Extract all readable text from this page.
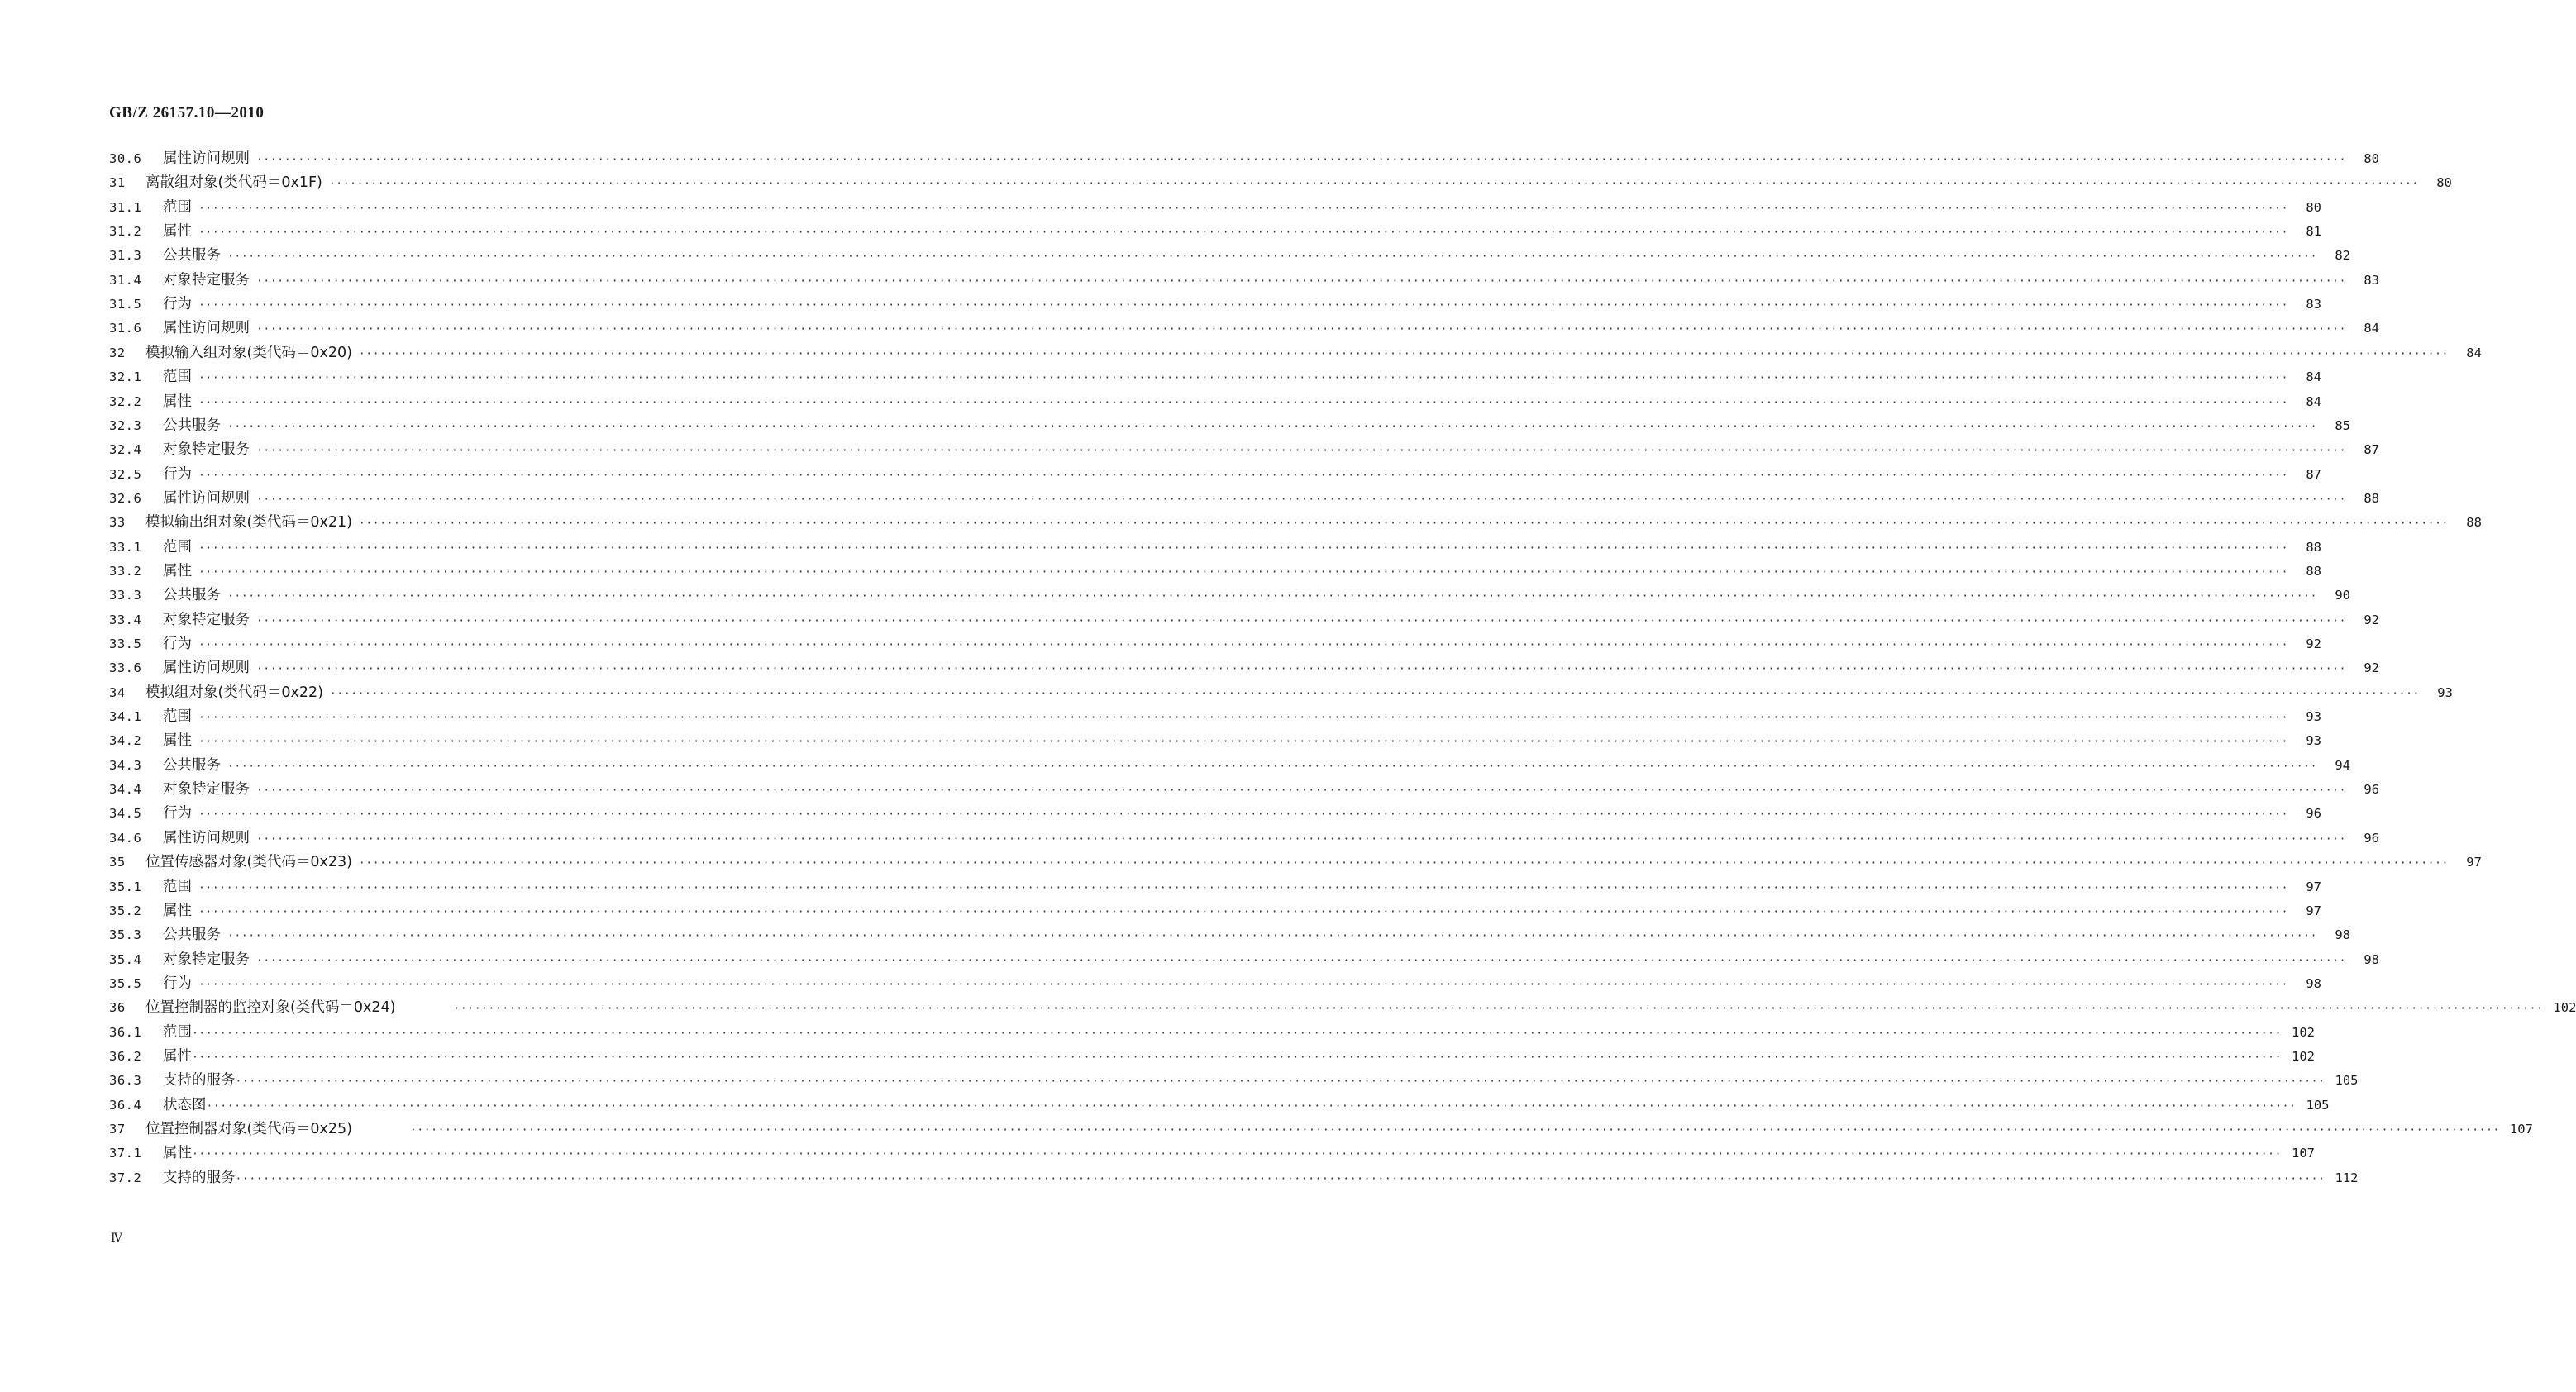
GB/Z 26157.10—2010
30.6	属性访问规则 ············································································································································································································································································································	80
31	离散组对象(类代码＝0x1F) ············································································································································································································································································································	80
31.1	范围 ············································································································································································································································································································	80
31.2	属性 ············································································································································································································································································································	81
31.3	公共服务 ············································································································································································································································································································	82
31.4	对象特定服务 ············································································································································································································································································································	83
31.5	行为 ············································································································································································································································································································	83
31.6	属性访问规则 ············································································································································································································································································································	84
32	模拟输入组对象(类代码＝0x20) ············································································································································································································································································································	84
32.1	范围 ············································································································································································································································································································	84
32.2	属性 ············································································································································································································································································································	84
32.3	公共服务 ············································································································································································································································································································	85
32.4	对象特定服务 ············································································································································································································································································································	87
32.5	行为 ············································································································································································································································································································	87
32.6	属性访问规则 ············································································································································································································································································································	88
33	模拟输出组对象(类代码＝0x21) ············································································································································································································································································································	88
33.1	范围 ············································································································································································································································································································	88
33.2	属性 ············································································································································································································································································································	88
33.3	公共服务 ············································································································································································································································································································	90
33.4	对象特定服务 ············································································································································································································································································································	92
33.5	行为 ············································································································································································································································································································	92
33.6	属性访问规则 ············································································································································································································································································································	92
34	模拟组对象(类代码＝0x22) ············································································································································································································································································································	93
34.1	范围 ············································································································································································································································································································	93
34.2	属性 ············································································································································································································································································································	93
34.3	公共服务 ············································································································································································································································································································	94
34.4	对象特定服务 ············································································································································································································································································································	96
34.5	行为 ············································································································································································································································································································	96
34.6	属性访问规则 ············································································································································································································································································································	96
35	位置传感器对象(类代码＝0x23) ············································································································································································································································································································	97
35.1	范围 ············································································································································································································································································································	97
35.2	属性 ············································································································································································································································································································	97
35.3	公共服务 ············································································································································································································································································································	98
35.4	对象特定服务 ············································································································································································································································································································	98
35.5	行为 ············································································································································································································································································································	98
36	位置控制器的监控对象(类代码＝0x24)	············································································································································································································································································································ 102
36.1	范围 ············································································································································································································································································································ 102
36.2	属性 ············································································································································································································································································································ 102
36.3	支持的服务 ············································································································································································································································································································ 105
36.4	状态图 ············································································································································································································································································································ 105
37	位置控制器对象(类代码＝0x25)	············································································································································································································································································································ 107
37.1	属性 ············································································································································································································································································································ 107
37.2	支持的服务 ············································································································································································································································································································ 112
Ⅳ
